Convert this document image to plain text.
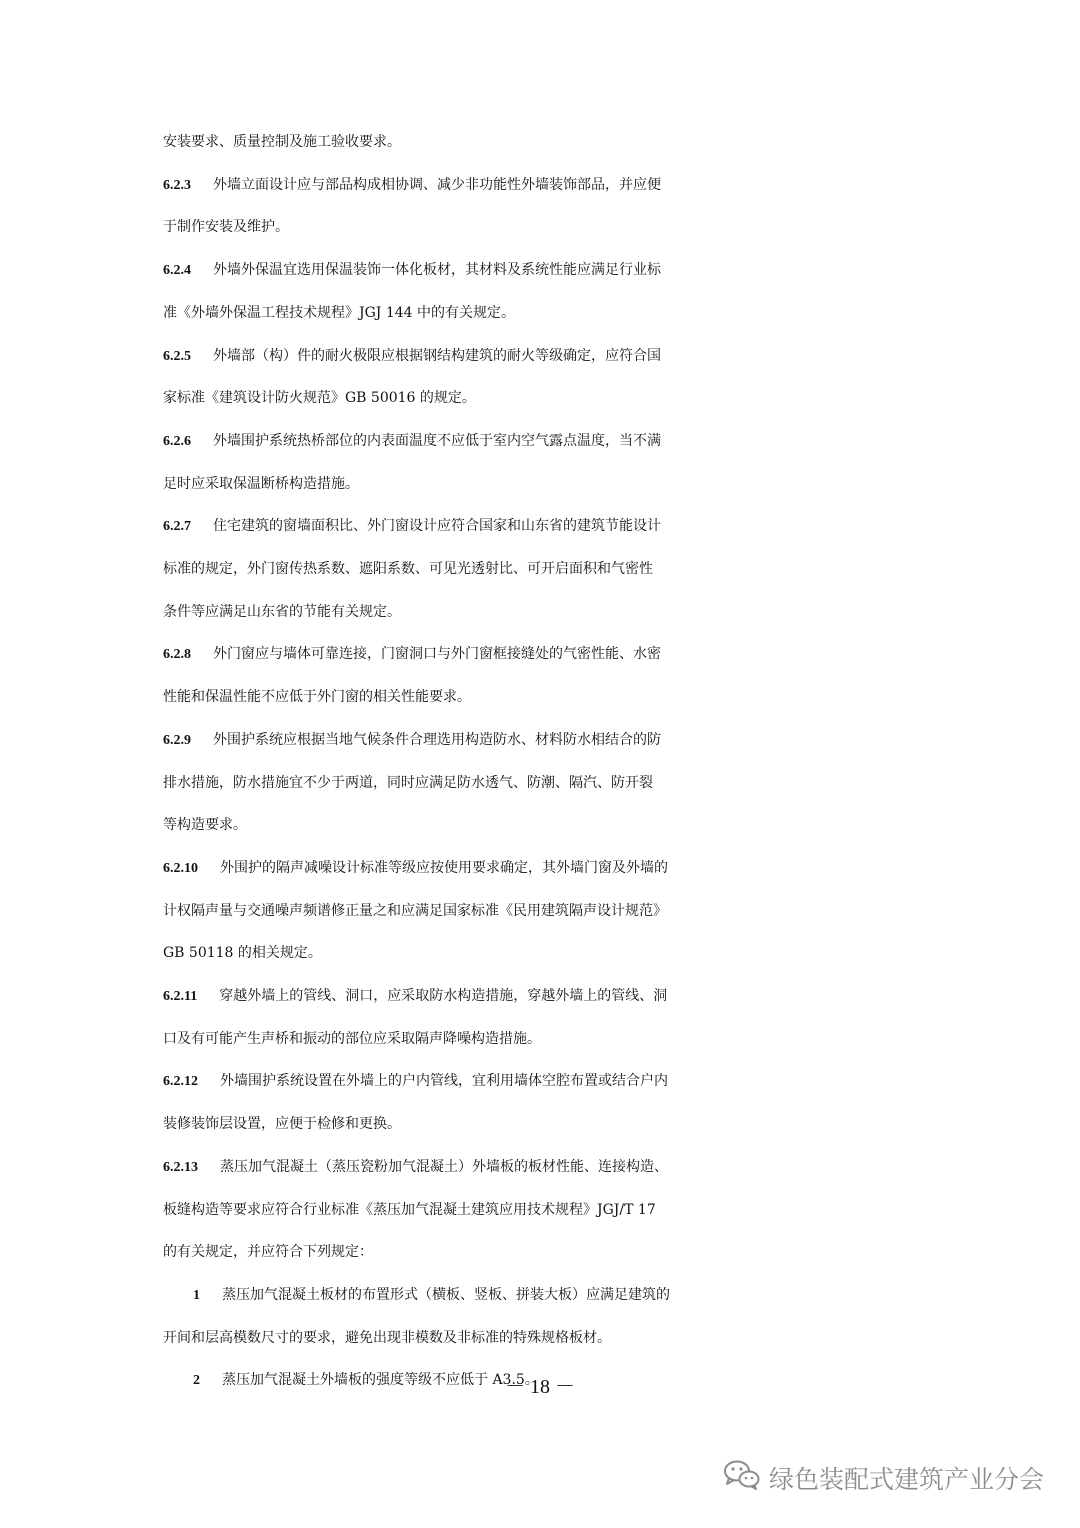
安装要求、质量控制及施工验收要求。
6.2.3 外墙立面设计应与部品构成相协调、减少非功能性外墙装饰部品，并应便
于制作安装及维护。
6.2.4 外墙外保温宜选用保温装饰一体化板材，其材料及系统性能应满足行业标
准《外墙外保温工程技术规程》JGJ 144 中的有关规定。
6.2.5 外墙部（构）件的耐火极限应根据钢结构建筑的耐火等级确定，应符合国
家标准《建筑设计防火规范》GB 50016 的规定。
6.2.6 外墙围护系统热桥部位的内表面温度不应低于室内空气露点温度，当不满
足时应采取保温断桥构造措施。
6.2.7 住宅建筑的窗墙面积比、外门窗设计应符合国家和山东省的建筑节能设计
标准的规定，外门窗传热系数、遮阳系数、可见光透射比、可开启面积和气密性
条件等应满足山东省的节能有关规定。
6.2.8 外门窗应与墙体可靠连接，门窗洞口与外门窗框接缝处的气密性能、水密
性能和保温性能不应低于外门窗的相关性能要求。
6.2.9 外围护系统应根据当地气候条件合理选用构造防水、材料防水相结合的防
排水措施，防水措施宜不少于两道，同时应满足防水透气、防潮、隔汽、防开裂
等构造要求。
6.2.10 外围护的隔声减噪设计标准等级应按使用要求确定，其外墙门窗及外墙的
计权隔声量与交通噪声频谱修正量之和应满足国家标准《民用建筑隔声设计规范》
GB 50118 的相关规定。
6.2.11 穿越外墙上的管线、洞口，应采取防水构造措施，穿越外墙上的管线、洞
口及有可能产生声桥和振动的部位应采取隔声降噪构造措施。
6.2.12 外墙围护系统设置在外墙上的户内管线，宜利用墙体空腔布置或结合户内
装修装饰层设置，应便于检修和更换。
6.2.13 蒸压加气混凝土（蒸压瓷粉加气混凝土）外墙板的板材性能、连接构造、
板缝构造等要求应符合行业标准《蒸压加气混凝土建筑应用技术规程》JGJ/T 17
的有关规定，并应符合下列规定：
1 蒸压加气混凝土板材的布置形式（横板、竖板、拼装大板）应满足建筑的
开间和层高模数尺寸的要求，避免出现非模数及非标准的特殊规格板材。
2 蒸压加气混凝土外墙板的强度等级不应低于 A3.5。
－ 18 －
绿色装配式建筑产业分会
